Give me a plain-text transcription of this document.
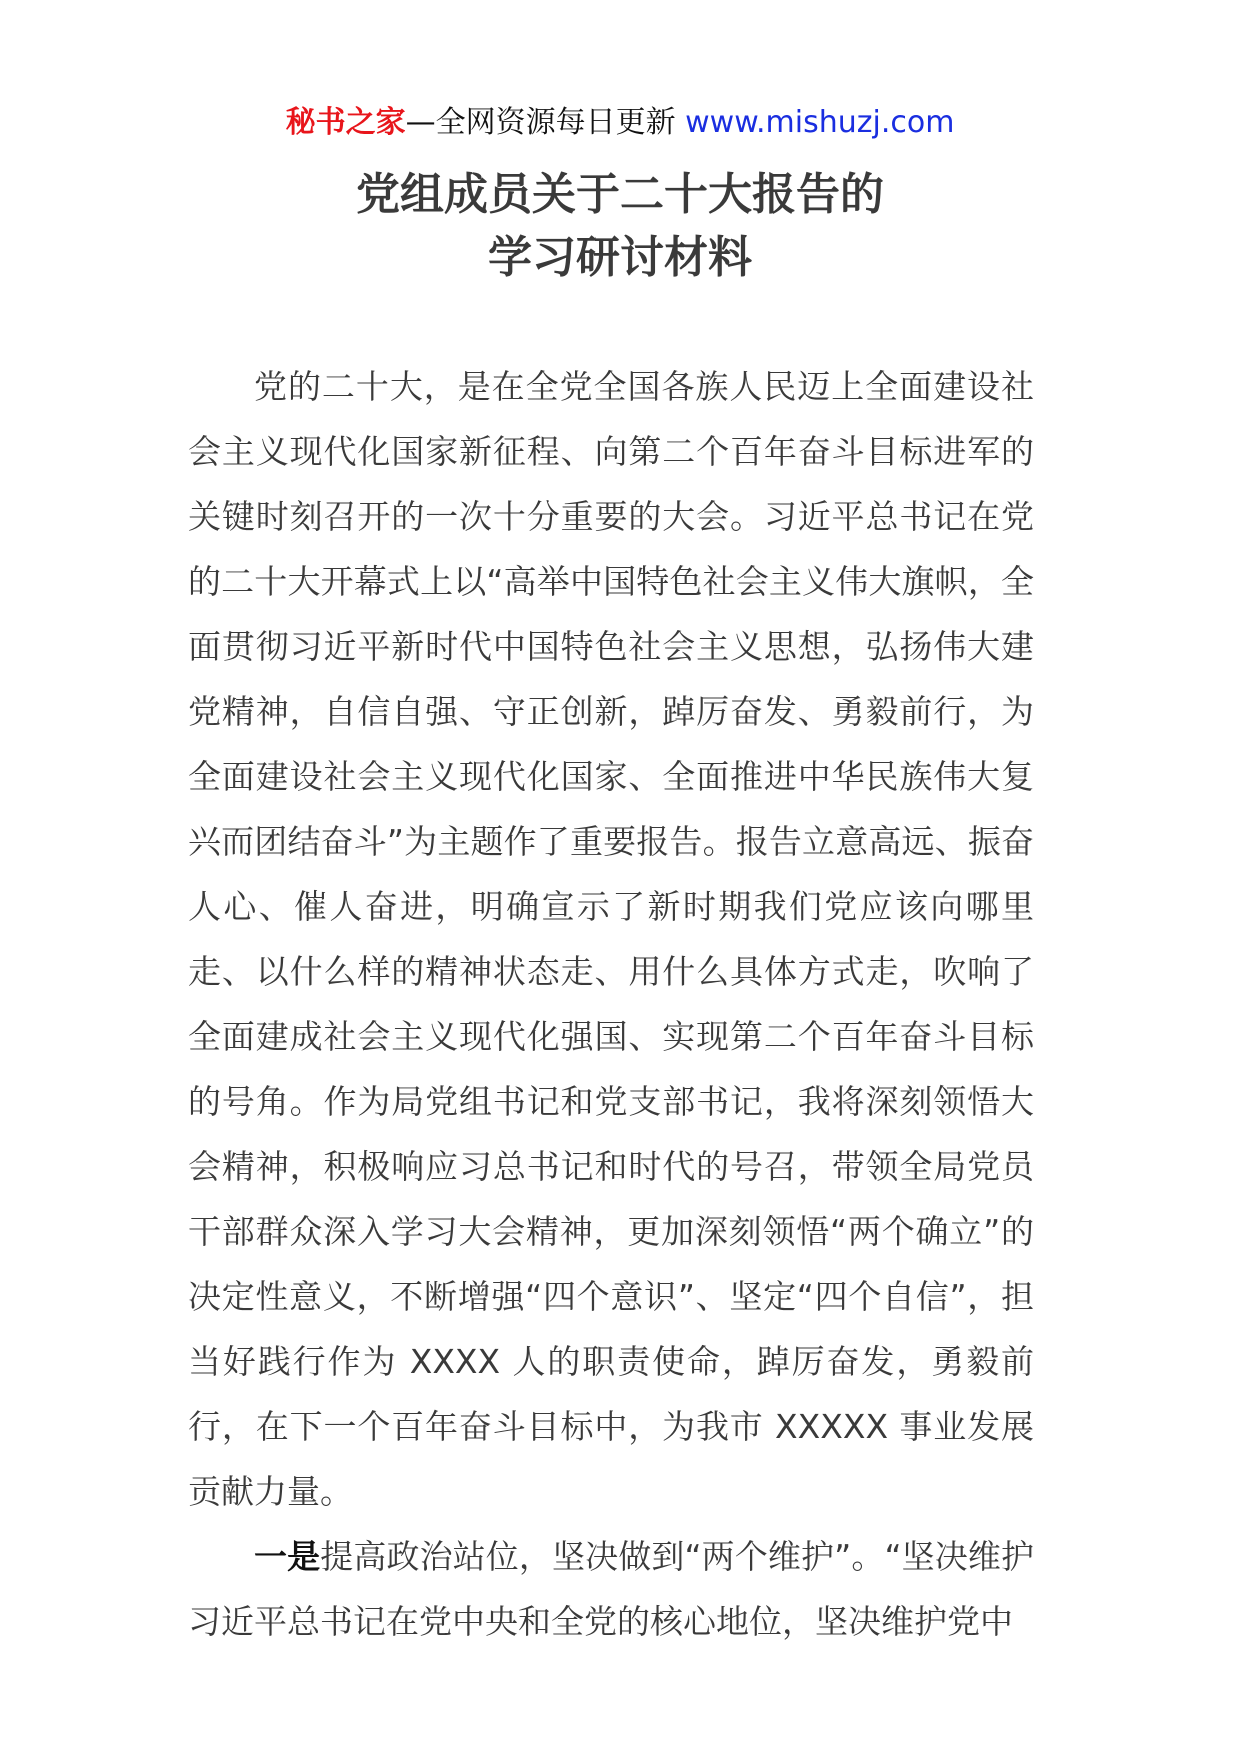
秘书之家—全网资源每日更新 www.mishuzj.com
党组成员关于二十大报告的
学习研讨材料

党的二十大，是在全党全国各族人民迈上全面建设社会主义现代化国家新征程、向第二个百年奋斗目标进军的关键时刻召开的一次十分重要的大会。习近平总书记在党的二十大开幕式上以“高举中国特色社会主义伟大旗帜，全面贯彻习近平新时代中国特色社会主义思想，弘扬伟大建党精神，自信自强、守正创新，踔厉奋发、勇毅前行，为全面建设社会主义现代化国家、全面推进中华民族伟大复兴而团结奋斗”为主题作了重要报告。报告立意高远、振奋人心、催人奋进，明确宣示了新时期我们党应该向哪里走、以什么样的精神状态走、用什么具体方式走，吹响了全面建成社会主义现代化强国、实现第二个百年奋斗目标的号角。作为局党组书记和党支部书记，我将深刻领悟大会精神，积极响应习总书记和时代的号召，带领全局党员干部群众深入学习大会精神，更加深刻领悟“两个确立”的决定性意义，不断增强“四个意识”、坚定“四个自信”，担当好践行作为 XXXX 人的职责使命，踔厉奋发，勇毅前行，在下一个百年奋斗目标中，为我市 XXXXX 事业发展贡献力量。

一是提高政治站位，坚决做到“两个维护”。“坚决维护习近平总书记在党中央和全党的核心地位，坚决维护党中
